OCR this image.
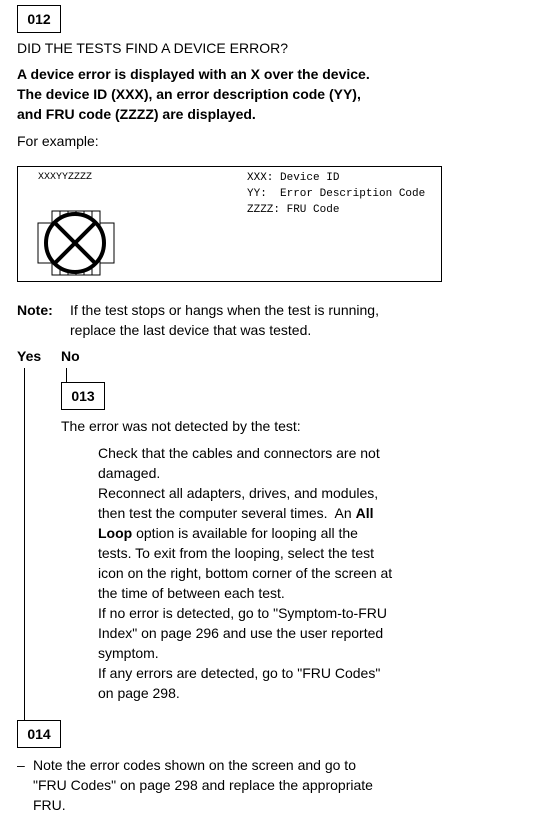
012
DID THE TESTS FIND A DEVICE ERROR?
A device error is displayed with an X over the device.
The device ID (XXX), an error description code (YY),
and FRU code (ZZZZ) are displayed.
For example:
XXXYYZZZZ	XXX: Device ID
YY:  Error Description Code
ZZZZ: FRU Code
Note: If the test stops or hangs when the test is running,
replace the last device that was tested.
Yes No
013
The error was not detected by the test:
Check that the cables and connectors are not
damaged.
Reconnect all adapters, drives, and modules,
then test the computer several times.  An All
Loop option is available for looping all the
tests. To exit from the looping, select the test
icon on the right, bottom corner of the screen at
the time of between each test.
If no error is detected, go to "Symptom-to-FRU
Index" on page 296 and use the user reported
symptom.
If any errors are detected, go to "FRU Codes"
on page 298.
014
– Note the error codes shown on the screen and go to
"FRU Codes" on page 298 and replace the appropriate
FRU.
